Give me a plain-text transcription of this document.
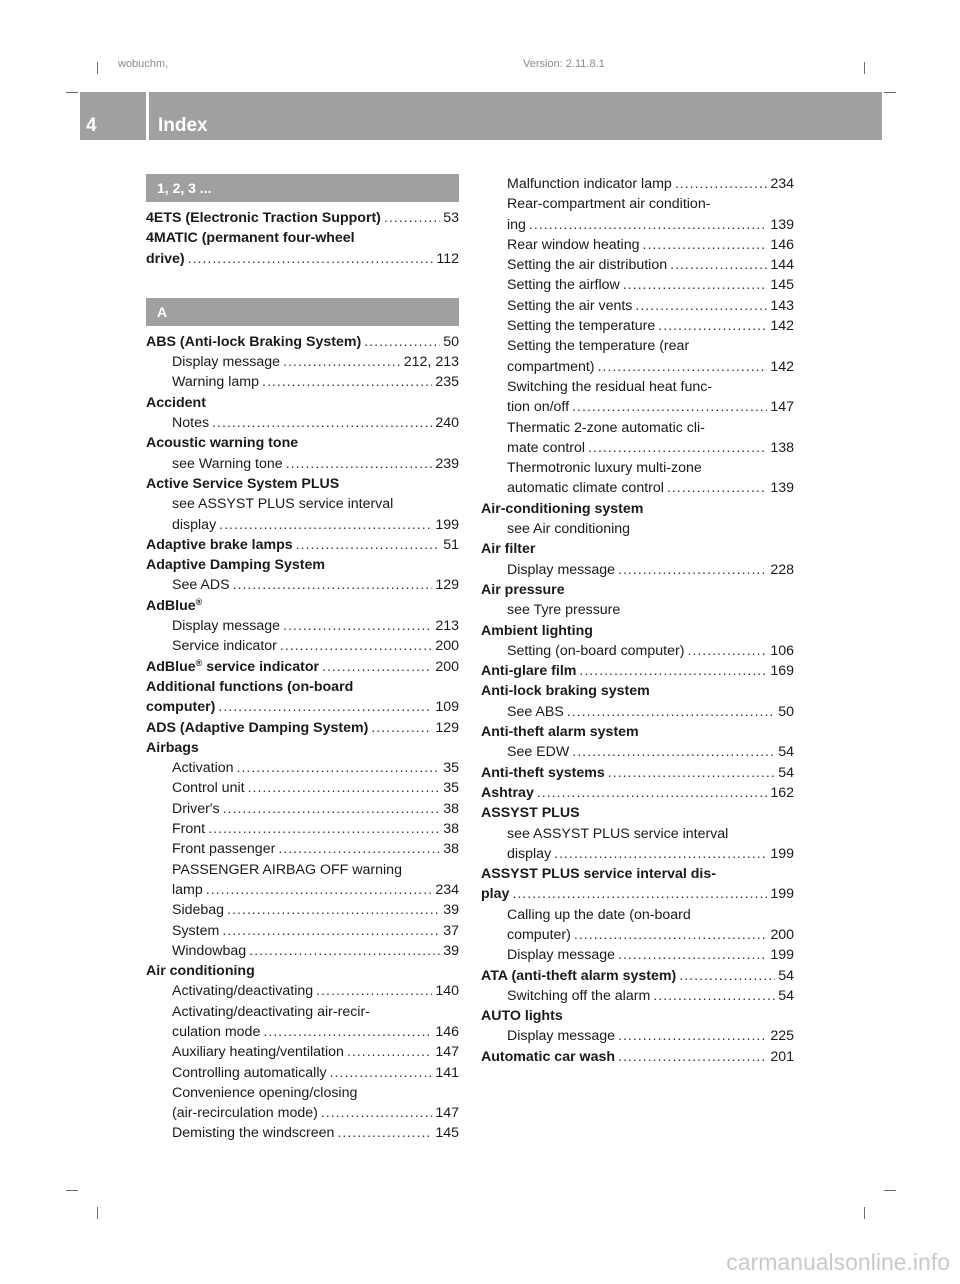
wobuchm,	Version: 2.11.8.1
4	Index
1, 2, 3 ...
4ETS (Electronic Traction Support) .....	53
4MATIC (permanent four-wheel
drive) .....	112
A
ABS (Anti-lock Braking System) .....	50
Display message .....	212, 213
Warning lamp .....	235
Accident
Notes .....	240
Acoustic warning tone
see Warning tone .....	239
Active Service System PLUS
see ASSYST PLUS service interval
display .....	199
Adaptive brake lamps .....	51
Adaptive Damping System
See ADS .....	129
AdBlue®
Display message .....	213
Service indicator .....	200
AdBlue® service indicator .....	200
Additional functions (on-board
computer) .....	109
ADS (Adaptive Damping System) .....	129
Airbags
Activation .....	35
Control unit .....	35
Driver's .....	38
Front .....	38
Front passenger .....	38
PASSENGER AIRBAG OFF warning
lamp .....	234
Sidebag .....	39
System .....	37
Windowbag .....	39
Air conditioning
Activating/deactivating .....	140
Activating/deactivating air-recir-
culation mode .....	146
Auxiliary heating/ventilation .....	147
Controlling automatically .....	141
Convenience opening/closing
(air-recirculation mode) .....	147
Demisting the windscreen .....	145
Malfunction indicator lamp .....	234
Rear-compartment air condition-
ing .....	139
Rear window heating .....	146
Setting the air distribution .....	144
Setting the airflow .....	145
Setting the air vents .....	143
Setting the temperature .....	142
Setting the temperature (rear
compartment) .....	142
Switching the residual heat func-
tion on/off .....	147
Thermatic 2-zone automatic cli-
mate control .....	138
Thermotronic luxury multi-zone
automatic climate control .....	139
Air-conditioning system
see Air conditioning
Air filter
Display message .....	228
Air pressure
see Tyre pressure
Ambient lighting
Setting (on-board computer) .....	106
Anti-glare film .....	169
Anti-lock braking system
See ABS .....	50
Anti-theft alarm system
See EDW .....	54
Anti-theft systems .....	54
Ashtray .....	162
ASSYST PLUS
see ASSYST PLUS service interval
display .....	199
ASSYST PLUS service interval dis-
play .....	199
Calling up the date (on-board
computer) .....	200
Display message .....	199
ATA (anti-theft alarm system) .....	54
Switching off the alarm .....	54
AUTO lights
Display message .....	225
Automatic car wash .....	201
carmanualsonline.info
